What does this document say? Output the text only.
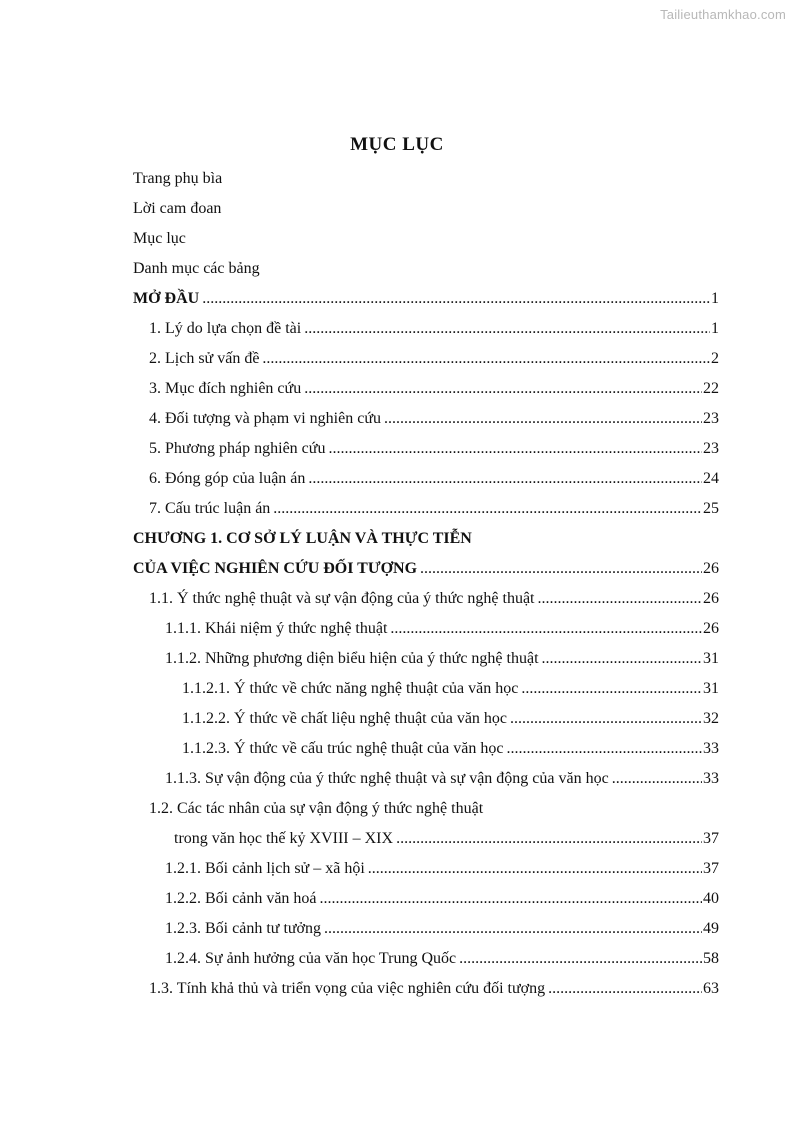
Tailieuthamkhao.com
MỤC LỤC
Trang phụ bìa
Lời cam đoan
Mục lục
Danh mục các bảng
MỞ ĐẦU .....	1
1. Lý do lựa chọn đề tài .....	1
2. Lịch sử vấn đề .....	2
3. Mục đích nghiên cứu .....	22
4. Đối tượng và phạm vi nghiên cứu .....	23
5. Phương pháp nghiên cứu .....	23
6. Đóng góp của luận án .....	24
7. Cấu trúc luận án .....	25
CHƯƠNG 1. CƠ SỞ LÝ LUẬN VÀ THỰC TIỄN
CỦA VIỆC NGHIÊN CỨU ĐỐI TƯỢNG .....	26
1.1. Ý thức nghệ thuật và sự vận động của ý thức nghệ thuật .....	26
1.1.1. Khái niệm ý thức nghệ thuật .....	26
1.1.2. Những phương diện biểu hiện của ý thức nghệ thuật .....	31
1.1.2.1. Ý thức về chức năng nghệ thuật của văn học .....	31
1.1.2.2. Ý thức về chất liệu nghệ thuật của văn học .....	32
1.1.2.3. Ý thức về cấu trúc nghệ thuật của văn học .....	33
1.1.3. Sự vận động của ý thức nghệ thuật và sự vận động của văn học .....	33
1.2. Các tác nhân của sự vận động ý thức nghệ thuật
trong văn học thế kỷ XVIII – XIX .....	37
1.2.1. Bối cảnh lịch sử – xã hội .....	37
1.2.2. Bối cảnh văn hoá .....	40
1.2.3. Bối cảnh tư tưởng .....	49
1.2.4. Sự ảnh hưởng của văn học Trung Quốc .....	58
1.3. Tính khả thủ và triển vọng của việc nghiên cứu đối tượng .....	63
